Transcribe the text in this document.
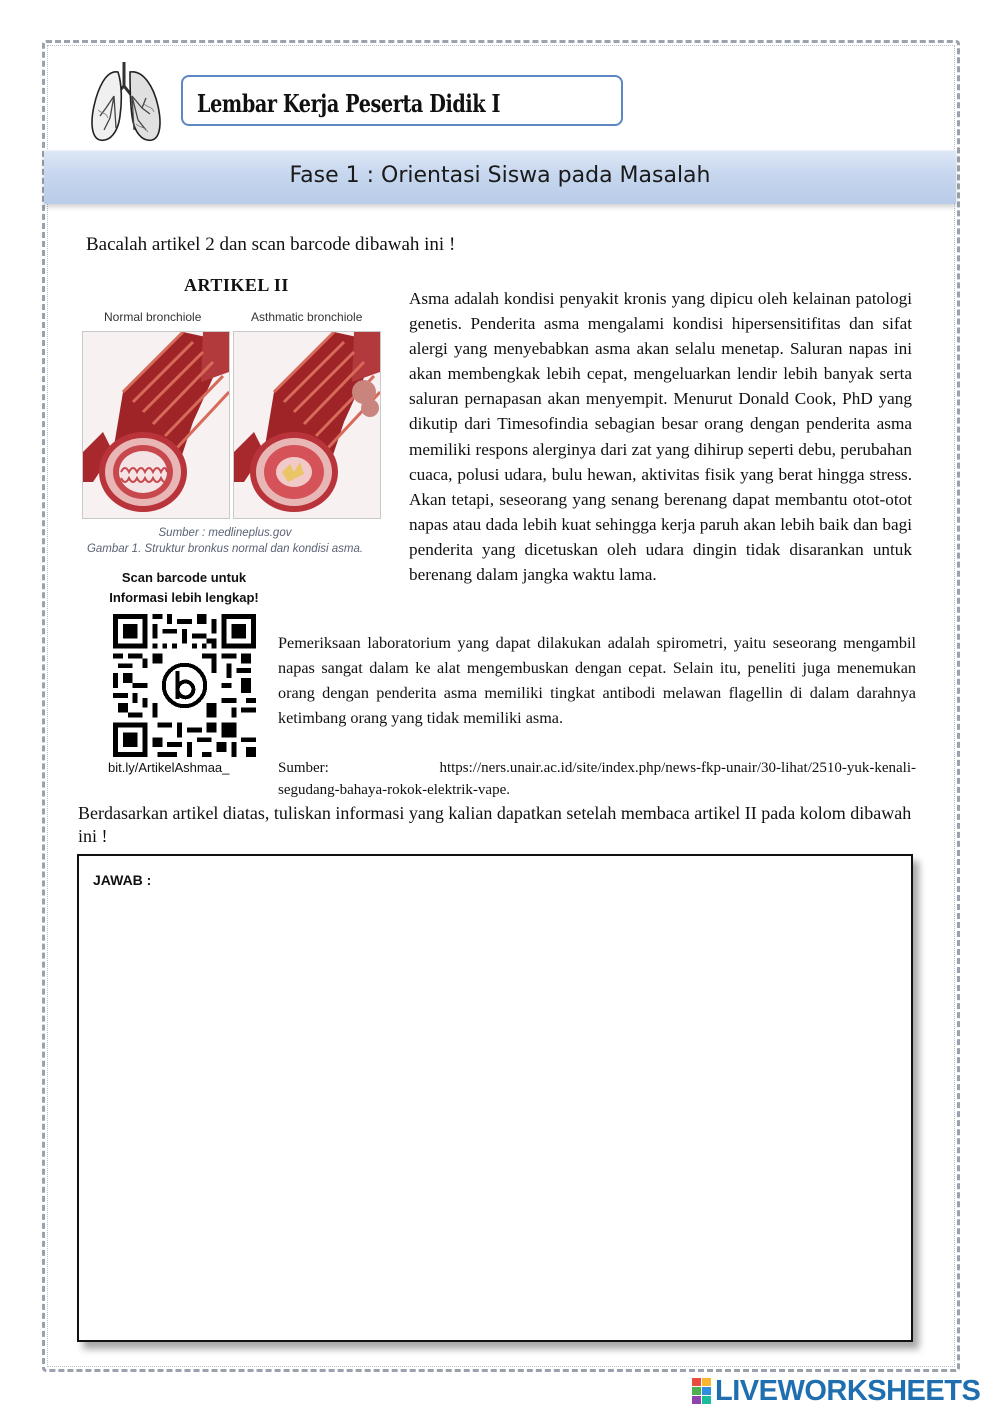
Lembar Kerja Peserta Didik I
Fase 1 : Orientasi Siswa pada Masalah
Bacalah artikel 2 dan scan barcode dibawah ini !
ARTIKEL II
Normal bronchiole	Asthmatic bronchiole
Sumber : medlineplus.gov
Gambar 1. Struktur bronkus normal dan kondisi asma.
Scan barcode untuk
Informasi lebih lengkap!
bit.ly/ArtikelAshmaa_
Asma adalah kondisi penyakit kronis yang dipicu oleh kelainan patologi genetis. Penderita asma mengalami kondisi hipersensitifitas dan sifat alergi yang menyebabkan asma akan selalu menetap. Saluran napas ini akan membengkak lebih cepat, mengeluarkan lendir lebih banyak serta saluran pernapasan akan menyempit. Menurut Donald Cook, PhD yang dikutip dari Timesofindia sebagian besar orang dengan penderita asma memiliki respons alerginya dari zat yang dihirup seperti debu, perubahan cuaca, polusi udara, bulu hewan, aktivitas fisik yang berat hingga stress. Akan tetapi, seseorang yang senang berenang dapat membantu otot-otot napas atau dada lebih kuat sehingga kerja paruh akan lebih baik dan bagi penderita yang dicetuskan oleh udara dingin tidak disarankan untuk berenang dalam jangka waktu lama.
Pemeriksaan laboratorium yang dapat dilakukan adalah spirometri, yaitu seseorang mengambil napas sangat dalam ke alat mengembuskan dengan cepat. Selain itu, peneliti juga menemukan orang dengan penderita asma memiliki tingkat antibodi melawan flagellin di dalam darahnya ketimbang orang yang tidak memiliki asma.
Sumber:	https://ners.unair.ac.id/site/index.php/news-fkp-unair/30-lihat/2510-yuk-kenali-
segudang-bahaya-rokok-elektrik-vape.
Berdasarkan artikel diatas, tuliskan informasi yang kalian dapatkan setelah membaca artikel II pada kolom dibawah ini !
JAWAB :
LIVEWORKSHEETS
